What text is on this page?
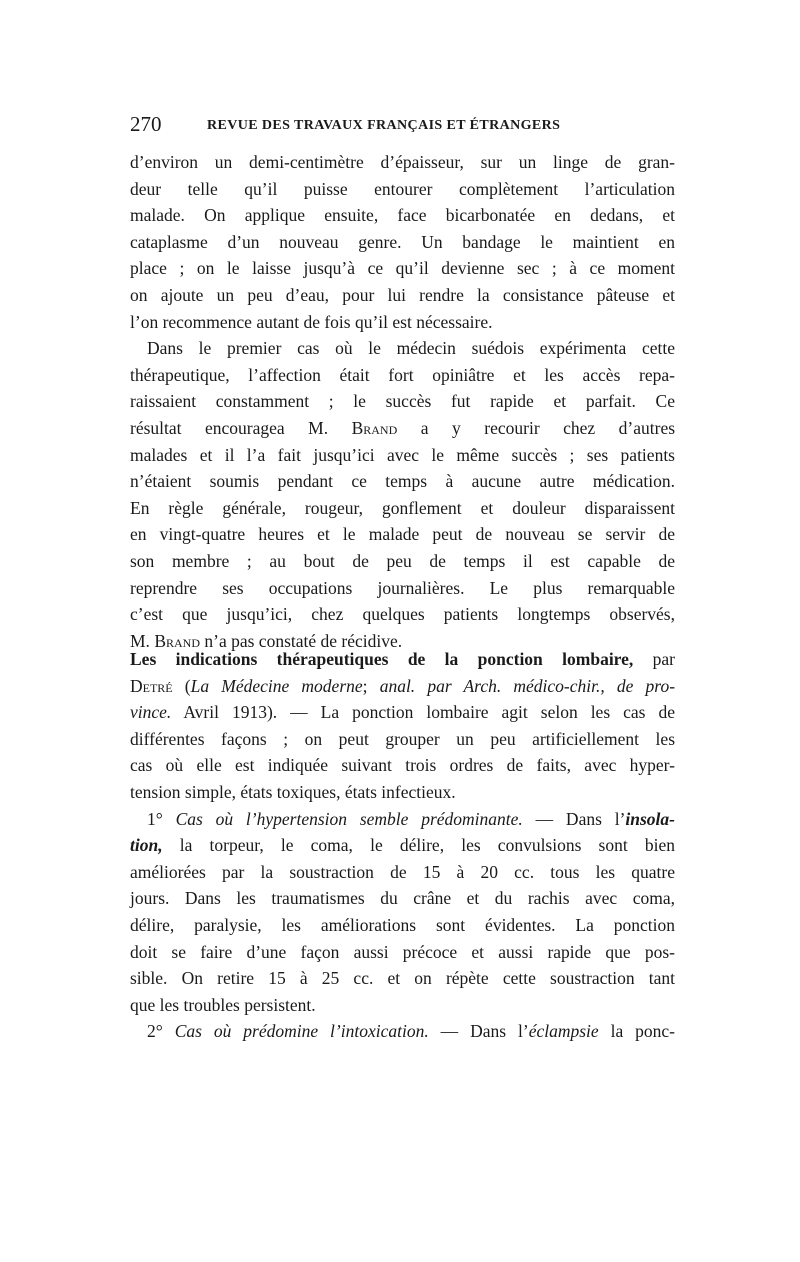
270	REVUE DES TRAVAUX FRANÇAIS ET ÉTRANGERS
d’environ un demi-centimètre d’épaisseur, sur un linge de gran-
deur telle qu’il puisse entourer complètement l’articulation
malade. On applique ensuite, face bicarbonatée en dedans, et
cataplasme d’un nouveau genre. Un bandage le maintient en
place ; on le laisse jusqu’à ce qu’il devienne sec ; à ce moment
on ajoute un peu d’eau, pour lui rendre la consistance pâteuse et
l’on recommence autant de fois qu’il est nécessaire.
Dans le premier cas où le médecin suédois expérimenta cette
thérapeutique, l’affection était fort opiniâtre et les accès repa-
raissaient constamment ; le succès fut rapide et parfait. Ce
résultat encouragea M. Brand a y recourir chez d’autres
malades et il l’a fait jusqu’ici avec le même succès ; ses patients
n’étaient soumis pendant ce temps à aucune autre médication.
En règle générale, rougeur, gonflement et douleur disparaissent
en vingt-quatre heures et le malade peut de nouveau se servir de
son membre ; au bout de peu de temps il est capable de
reprendre ses occupations journalières. Le plus remarquable
c’est que jusqu’ici, chez quelques patients longtemps observés,
M. Brand n’a pas constaté de récidive.
Les indications thérapeutiques de la ponction lombaire, par
Detré (La Médecine moderne; anal. par Arch. médico-chir., de pro-
vince. Avril 1913). — La ponction lombaire agit selon les cas de
différentes façons ; on peut grouper un peu artificiellement les
cas où elle est indiquée suivant trois ordres de faits, avec hyper-
tension simple, états toxiques, états infectieux.
1° Cas où l’hypertension semble prédominante. — Dans l’insola-
tion, la torpeur, le coma, le délire, les convulsions sont bien
améliorées par la soustraction de 15 à 20 cc. tous les quatre
jours. Dans les traumatismes du crâne et du rachis avec coma,
délire, paralysie, les améliorations sont évidentes. La ponction
doit se faire d’une façon aussi précoce et aussi rapide que pos-
sible. On retire 15 à 25 cc. et on répète cette soustraction tant
que les troubles persistent.
2° Cas où prédomine l’intoxication. — Dans l’éclampsie la ponc-
